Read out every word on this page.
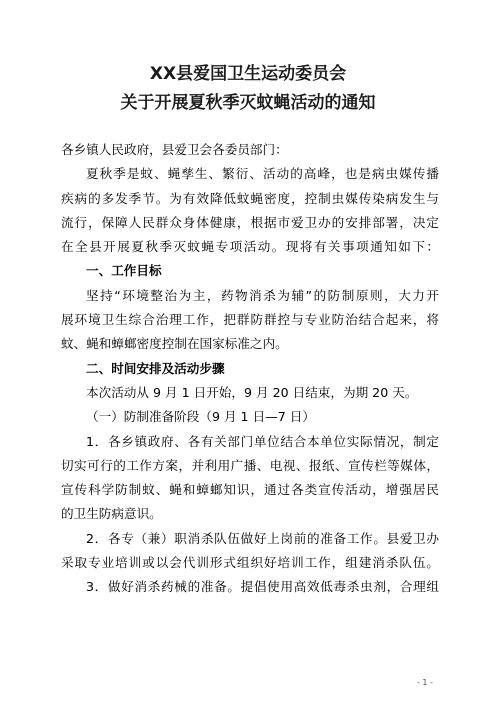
XX县爱国卫生运动委员会
关于开展夏秋季灭蚊蝇活动的通知
各乡镇人民政府，县爱卫会各委员部门：
夏秋季是蚊、蝇孳生、繁衍、活动的高峰，也是病虫媒传播
疾病的多发季节。为有效降低蚊蝇密度，控制虫媒传染病发生与
流行，保障人民群众身体健康，根据市爱卫办的安排部署，决定
在全县开展夏秋季灭蚊蝇专项活动。现将有关事项通知如下：
一、工作目标
坚持“环境整治为主，药物消杀为辅”的防制原则，大力开
展环境卫生综合治理工作，把群防群控与专业防治结合起来，将
蚊、蝇和蟑螂密度控制在国家标准之内。
二、时间安排及活动步骤
本次活动从 9 月 1 日开始，9 月 20 日结束，为期 20 天。
（一）防制准备阶段（9 月 1 日—7 日）
1．各乡镇政府、各有关部门单位结合本单位实际情况，制定
切实可行的工作方案，并利用广播、电视、报纸、宣传栏等媒体，
宣传科学防制蚊、蝇和蟑螂知识，通过各类宣传活动，增强居民
的卫生防病意识。
2．各专（兼）职消杀队伍做好上岗前的准备工作。县爱卫办
采取专业培训或以会代训形式组织好培训工作，组建消杀队伍。
3．做好消杀药械的准备。提倡使用高效低毒杀虫剂，合理组
- 1 -
